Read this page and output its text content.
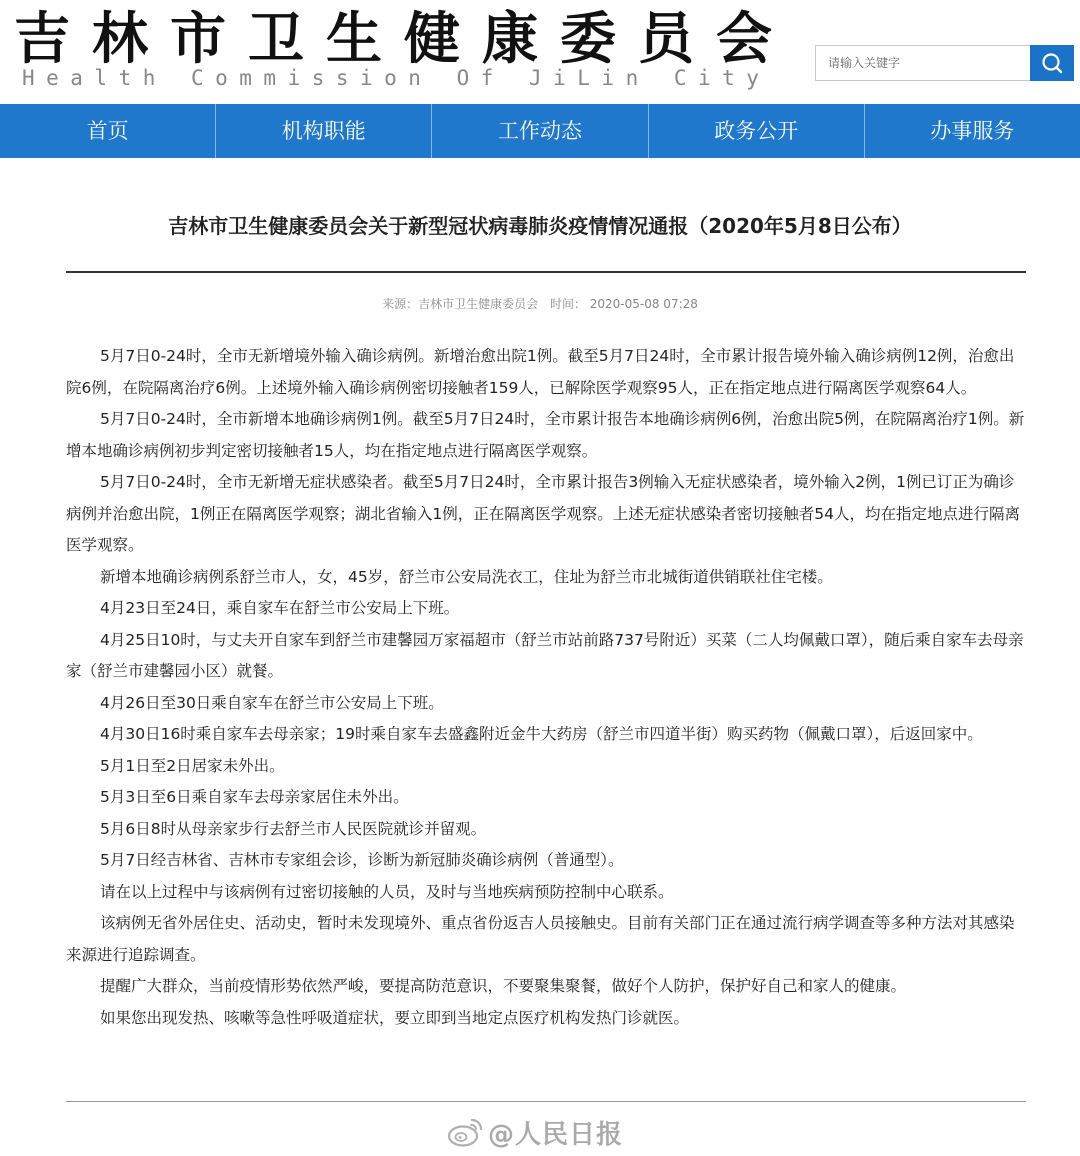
吉林市卫生健康委员会
Health Commission Of JiLin City
请输入关键字
首页	机构职能	工作动态	政务公开	办事服务
吉林市卫生健康委员会关于新型冠状病毒肺炎疫情情况通报（2020年5月8日公布）
来源：吉林市卫生健康委员会 时间： 2020-05-08 07:28

5月7日0-24时，全市无新增境外输入确诊病例。新增治愈出院1例。截至5月7日24时，全市累计报告境外输入确诊病例12例，治愈出院6例，在院隔离治疗6例。上述境外输入确诊病例密切接触者159人，已解除医学观察95人，正在指定地点进行隔离医学观察64人。

5月7日0-24时，全市新增本地确诊病例1例。截至5月7日24时，全市累计报告本地确诊病例6例，治愈出院5例，在院隔离治疗1例。新增本地确诊病例初步判定密切接触者15人，均在指定地点进行隔离医学观察。

5月7日0-24时，全市无新增无症状感染者。截至5月7日24时，全市累计报告3例输入无症状感染者，境外输入2例，1例已订正为确诊病例并治愈出院，1例正在隔离医学观察；湖北省输入1例，正在隔离医学观察。上述无症状感染者密切接触者54人，均在指定地点进行隔离医学观察。

新增本地确诊病例系舒兰市人，女，45岁，舒兰市公安局洗衣工，住址为舒兰市北城街道供销联社住宅楼。

4月23日至24日，乘自家车在舒兰市公安局上下班。

4月25日10时，与丈夫开自家车到舒兰市建馨园万家福超市（舒兰市站前路737号附近）买菜（二人均佩戴口罩），随后乘自家车去母亲家（舒兰市建馨园小区）就餐。

4月26日至30日乘自家车在舒兰市公安局上下班。

4月30日16时乘自家车去母亲家；19时乘自家车去盛鑫附近金牛大药房（舒兰市四道半街）购买药物（佩戴口罩），后返回家中。

5月1日至2日居家未外出。

5月3日至6日乘自家车去母亲家居住未外出。

5月6日8时从母亲家步行去舒兰市人民医院就诊并留观。

5月7日经吉林省、吉林市专家组会诊，诊断为新冠肺炎确诊病例（普通型）。

请在以上过程中与该病例有过密切接触的人员，及时与当地疾病预防控制中心联系。

该病例无省外居住史、活动史，暂时未发现境外、重点省份返吉人员接触史。目前有关部门正在通过流行病学调查等多种方法对其感染来源进行追踪调查。

提醒广大群众，当前疫情形势依然严峻，要提高防范意识，不要聚集聚餐，做好个人防护，保护好自己和家人的健康。

如果您出现发热、咳嗽等急性呼吸道症状，要立即到当地定点医疗机构发热门诊就医。

@人民日报
